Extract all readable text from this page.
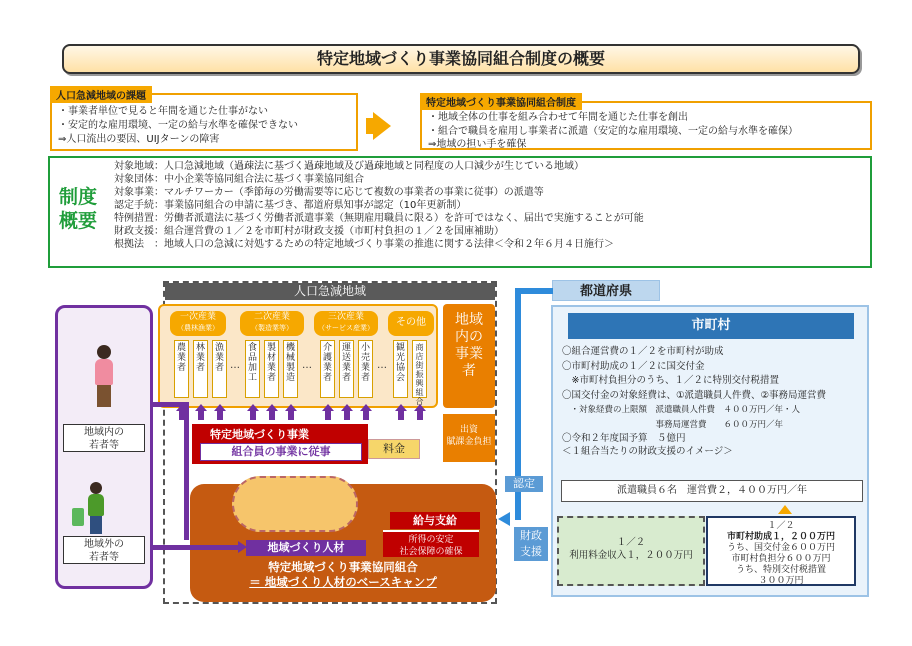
特定地域づくり事業協同組合制度の概要
・事業者単位で見ると年間を通じた仕事がない
・安定的な雇用環境、一定の給与水準を確保できない
⇒人口流出の要因、UIJターンの障害
人口急減地域の課題
・地域全体の仕事を組み合わせて年間を通じた仕事を創出
・組合で職員を雇用し事業者に派遣（安定的な雇用環境、一定の給与水準を確保）
⇒地域の担い手を確保
特定地域づくり事業協同組合制度
制度
概要
対象地域：人口急減地域（過疎法に基づく過疎地域及び過疎地域と同程度の人口減少が生じている地域）
対象団体：中小企業等協同組合法に基づく事業協同組合
対象事業：マルチワーカー（季節毎の労働需要等に応じて複数の事業者の事業に従事）の派遣等
認定手続：事業協同組合の申請に基づき、都道府県知事が認定（10年更新制）
特例措置：労働者派遣法に基づく労働者派遣事業（無期雇用職員に限る）を許可ではなく、届出で実施することが可能
財政支援：組合運営費の１／２を市町村が財政支援（市町村負担の１／２を国庫補助）
根拠法　：地域人口の急減に対処するための特定地域づくり事業の推進に関する法律＜令和２年６月４日施行＞
人口急減地域
地域内の
若者等
地域外の
若者等
一次産業
（農林漁業）
二次産業
（製造業等）
三次産業
（サービス産業）	その他
農業者
林業者
漁業者 …
食品加工
製材業者
機械製造
…
介護業者
運送業者
小売業者
…
観光協会
商店街振興組合
地域内の事業者
特定地域づくり事業
組合員の事業に従事	料金
出資
賦課金負担
地域づくり人材
給与支給
所得の安定
社会保障の確保
特定地域づくり事業協同組合
＝ 地域づくり人材のベースキャンプ
都道府県
認定
財政
支援
市町村
〇組合運営費の１／２を市町村が助成
〇市町村助成の１／２に国交付金
　※市町村負担分のうち、１／２に特別交付税措置
〇国交付金の対象経費は、①派遣職員人件費、②事務局運営費
　・対象経費の上限額　派遣職員人件費　４００万円／年・人
　　　　　　　　　　　事務局運営費　　６００万円／年
〇令和２年度国予算　５億円
＜１組合当たりの財政支援のイメージ＞
派遣職員６名　運営費２，４００万円／年
１／２
利用料金収入１，２００万円
１／２
市町村助成１，２００万円
うち、国交付金６００万円
市町村負担分６００万円
うち、特別交付税措置
３００万円
